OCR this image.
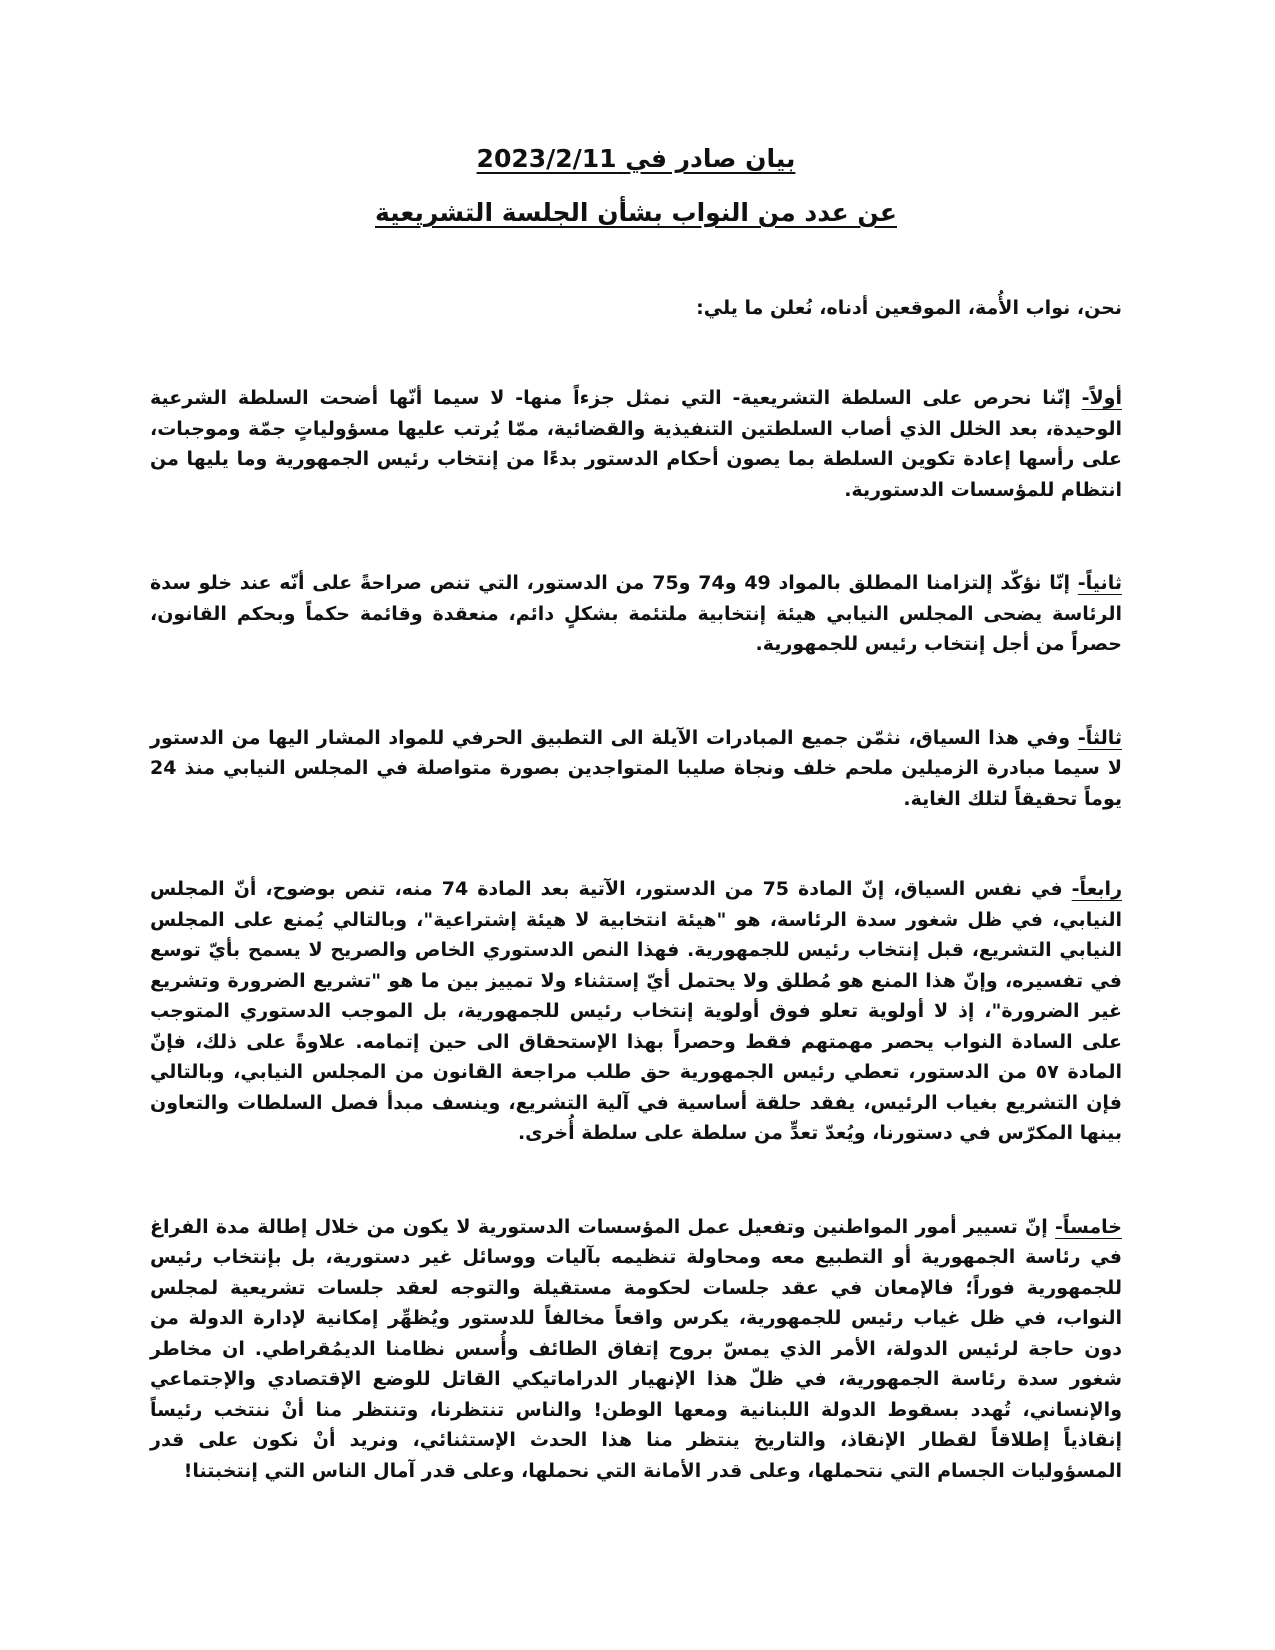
بيان صادر في 2023/2/11
عن عدد من النواب بشأن الجلسة التشريعية

نحن، نواب الأُمة، الموقعين أدناه، نُعلن ما يلي:

أولاً- إنّنا نحرص على السلطة التشريعية- التي نمثل جزءاً منها- لا سيما أنّها أضحت السلطة الشرعية الوحيدة، بعد الخلل الذي أصاب السلطتين التنفيذية والقضائية، ممّا يُرتب عليها مسؤولياتٍ جمّة وموجبات، على رأسها إعادة تكوين السلطة بما يصون أحكام الدستور بدءًا من إنتخاب رئيس الجمهورية وما يليها من انتظام للمؤسسات الدستورية.

ثانياً- إنّا نؤكّد إلتزامنا المطلق بالمواد 49 و74 و75 من الدستور، التي تنص صراحةً على أنّه عند خلو سدة الرئاسة يضحى المجلس النيابي هيئة إنتخابية ملتئمة بشكلٍ دائم، منعقدة وقائمة حكماً وبحكم القانون، حصراً من أجل إنتخاب رئيس للجمهورية.

ثالثاً- وفي هذا السياق، نثمّن جميع المبادرات الآيلة الى التطبيق الحرفي للمواد المشار اليها من الدستور لا سيما مبادرة الزميلين ملحم خلف ونجاة صليبا المتواجدين بصورة متواصلة في المجلس النيابي منذ 24 يوماً تحقيقاً لتلك الغاية.

رابعاً- في نفس السياق، إنّ المادة 75 من الدستور، الآتية بعد المادة 74 منه، تنص بوضوح، أنّ المجلس النيابي، في ظل شغور سدة الرئاسة، هو "هيئة انتخابية لا هيئة إشتراعية"، وبالتالي يُمنع على المجلس النيابي التشريع، قبل إنتخاب رئيس للجمهورية. فهذا النص الدستوري الخاص والصريح لا يسمح بأيّ توسع في تفسيره، وإنّ هذا المنع هو مُطلق ولا يحتمل أيّ إستثناء ولا تمييز بين ما هو "تشريع الضرورة وتشريع غير الضرورة"، إذ لا أولوية تعلو فوق أولوية إنتخاب رئيس للجمهورية، بل الموجب الدستوري المتوجب على السادة النواب يحصر مهمتهم فقط وحصراً بهذا الإستحقاق الى حين إتمامه. علاوةً على ذلك، فإنّ المادة ٥٧ من الدستور، تعطي رئيس الجمهورية حق طلب مراجعة القانون من المجلس النيابي، وبالتالي فإن التشريع بغياب الرئيس، يفقد حلقة أساسية في آلية التشريع، وينسف مبدأ فصل السلطات والتعاون بينها المكرّس في دستورنا، ويُعدّ تعدٍّ من سلطة على سلطة أُخرى.

خامساً- إنّ تسيير أمور المواطنين وتفعيل عمل المؤسسات الدستورية لا يكون من خلال إطالة مدة الفراغ في رئاسة الجمهورية أو التطبيع معه ومحاولة تنظيمه بآليات ووسائل غير دستورية، بل بإنتخاب رئيس للجمهورية فوراً؛ فالإمعان في عقد جلسات لحكومة مستقيلة والتوجه لعقد جلسات تشريعية لمجلس النواب، في ظل غياب رئيس للجمهورية، يكرس واقعاً مخالفاً للدستور ويُظهِّر إمكانية لإدارة الدولة من دون حاجة لرئيس الدولة، الأمر الذي يمسّ بروح إتفاق الطائف وأُسس نظامنا الديمُقراطي. ان مخاطر شغور سدة رئاسة الجمهورية، في ظلّ هذا الإنهيار الدراماتيكي القاتل للوضع الإقتصادي والإجتماعي والإنساني، تُهدد بسقوط الدولة اللبنانية ومعها الوطن! والناس تنتظرنا، وتنتظر منا أنْ ننتخب رئيساً إنقاذياً إطلاقاً لقطار الإنقاذ، والتاريخ ينتظر منا هذا الحدث الإستثنائي، ونريد أنْ نكون على قدر المسؤوليات الجسام التي نتحملها، وعلى قدر الأمانة التي نحملها، وعلى قدر آمال الناس التي إنتخبتنا!
